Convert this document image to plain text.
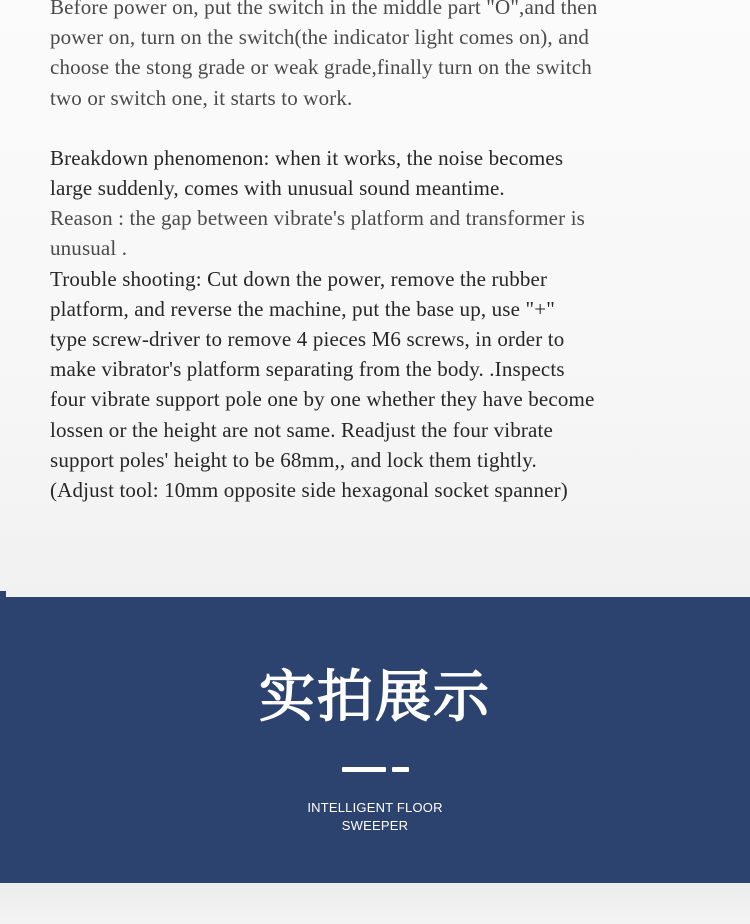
Before power on, put the switch in the middle part "O",and then
power on, turn on the switch(the indicator light comes on), and
choose the stong grade or weak grade,finally turn on the switch
two or switch one, it starts to work.

Breakdown phenomenon: when it works, the noise becomes
large suddenly, comes with unusual sound meantime.
Reason : the gap between vibrate's platform and transformer is
unusual .
Trouble shooting: Cut down the power, remove the rubber
platform, and reverse the machine, put the base up, use "+"
type screw-driver to remove 4 pieces M6 screws, in order to
make vibrator's platform separating from the body. .Inspects
four vibrate support pole one by one whether they have become
lossen or the height are not same. Readjust the four vibrate
support poles' height to be 68mm,, and lock them tightly.
(Adjust tool: 10mm opposite side hexagonal socket spanner)

实拍展示
INTELLIGENT FLOOR
SWEEPER
